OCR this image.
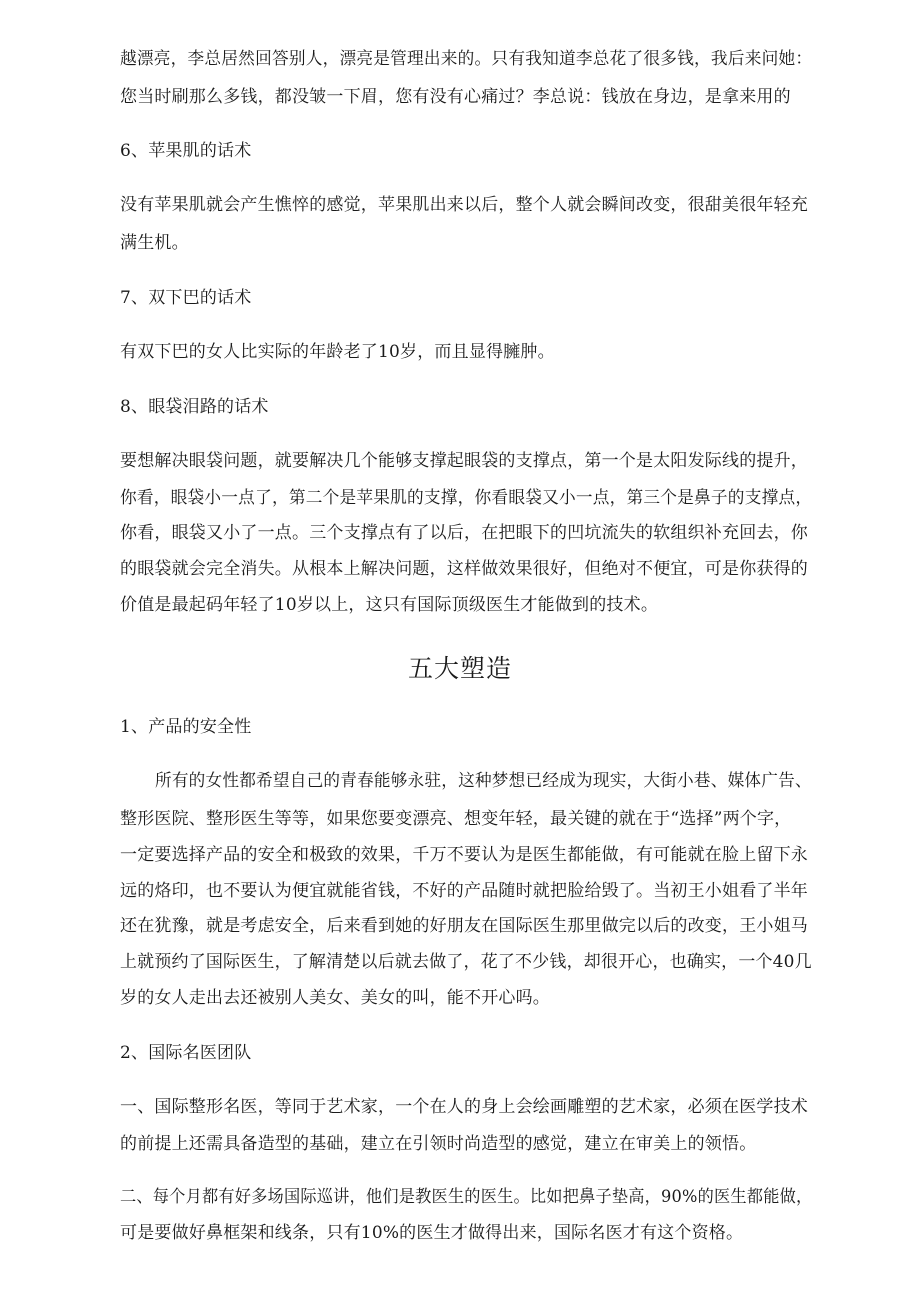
越漂亮，李总居然回答别人，漂亮是管理出来的。只有我知道李总花了很多钱，我后来问她：
您当时刷那么多钱，都没皱一下眉，您有没有心痛过？李总说：钱放在身边，是拿来用的
6、苹果肌的话术
没有苹果肌就会产生憔悴的感觉，苹果肌出来以后，整个人就会瞬间改变，很甜美很年轻充
满生机。
7、双下巴的话术
有双下巴的女人比实际的年龄老了10岁，而且显得臃肿。
8、眼袋泪路的话术
要想解决眼袋问题，就要解决几个能够支撑起眼袋的支撑点，第一个是太阳发际线的提升，
你看，眼袋小一点了，第二个是苹果肌的支撑，你看眼袋又小一点，第三个是鼻子的支撑点，
你看，眼袋又小了一点。三个支撑点有了以后，在把眼下的凹坑流失的软组织补充回去，你
的眼袋就会完全消失。从根本上解决问题，这样做效果很好，但绝对不便宜，可是你获得的
价值是最起码年轻了10岁以上，这只有国际顶级医生才能做到的技术。
五大塑造
1、产品的安全性
所有的女性都希望自己的青春能够永驻，这种梦想已经成为现实，大街小巷、媒体广告、
整形医院、整形医生等等，如果您要变漂亮、想变年轻，最关键的就在于“选择”两个字，
一定要选择产品的安全和极致的效果，千万不要认为是医生都能做，有可能就在脸上留下永
远的烙印，也不要认为便宜就能省钱，不好的产品随时就把脸给毁了。当初王小姐看了半年
还在犹豫，就是考虑安全，后来看到她的好朋友在国际医生那里做完以后的改变，王小姐马
上就预约了国际医生，了解清楚以后就去做了，花了不少钱，却很开心，也确实，一个40几
岁的女人走出去还被别人美女、美女的叫，能不开心吗。
2、国际名医团队
一、国际整形名医，等同于艺术家，一个在人的身上会绘画雕塑的艺术家，必须在医学技术
的前提上还需具备造型的基础，建立在引领时尚造型的感觉，建立在审美上的领悟。
二、每个月都有好多场国际巡讲，他们是教医生的医生。比如把鼻子垫高，90%的医生都能做，
可是要做好鼻框架和线条，只有10%的医生才做得出来，国际名医才有这个资格。
